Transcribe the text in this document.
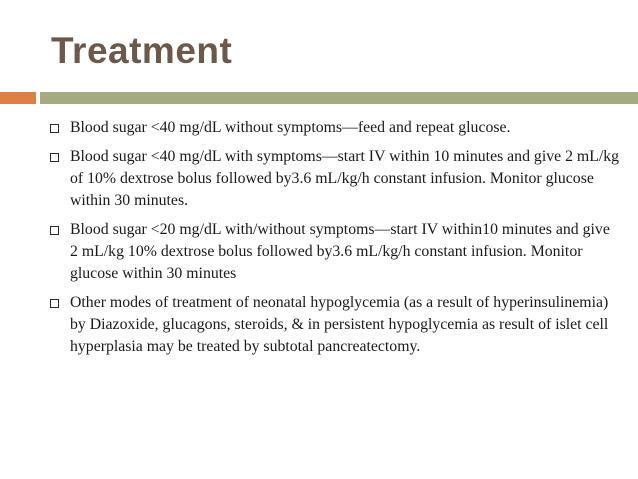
Treatment
Blood sugar <40 mg/dL without symptoms—feed and repeat glucose.
Blood sugar <40 mg/dL with symptoms—start IV within 10 minutes and give 2 mL/kg of 10% dextrose bolus followed by3.6 mL/kg/h constant infusion. Monitor glucose within 30 minutes.
Blood sugar <20 mg/dL with/without symptoms—start IV within10 minutes and give 2 mL/kg 10% dextrose bolus followed by3.6 mL/kg/h constant infusion. Monitor glucose within 30 minutes
Other modes of treatment of neonatal hypoglycemia (as a result of hyperinsulinemia) by Diazoxide, glucagons, steroids, & in persistent hypoglycemia as result of islet cell hyperplasia may be treated by subtotal pancreatectomy.
